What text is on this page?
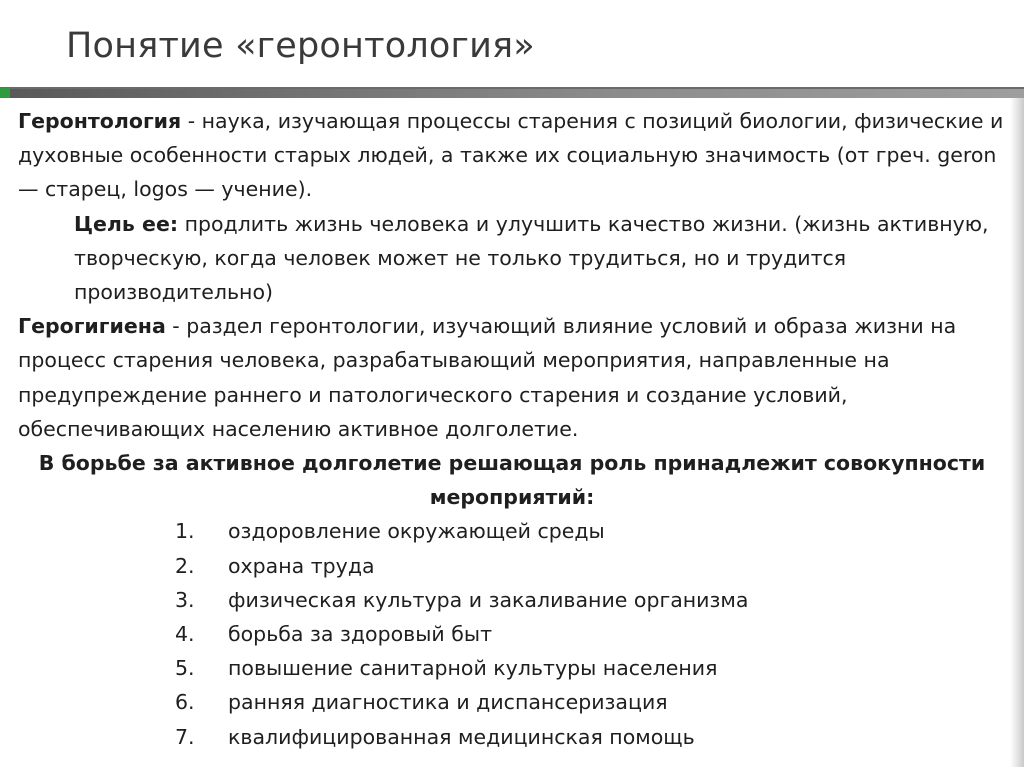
Понятие «геронтология»

Геронтология - наука, изучающая процессы старения с позиций биологии, физические и духовные особенности старых людей, а также их социальную значимость (от греч. geron — старец, logos — учение).

Цель ее: продлить жизнь человека и улучшить качество жизни. (жизнь активную, творческую, когда человек может не только трудиться, но и трудится производительно)

Герогигиена - раздел геронтологии, изучающий влияние условий и образа жизни на процесс старения человека, разрабатывающий мероприятия, направленные на предупреждение раннего и патологического старения и создание условий, обеспечивающих населению активное долголетие.

В борьбе за активное долголетие решающая роль принадлежит совокупности мероприятий:

1. оздоровление окружающей среды
2. охрана труда
3. физическая культура и закаливание организма
4. борьба за здоровый быт
5. повышение санитарной культуры населения
6. ранняя диагностика и диспансеризация
7. квалифицированная медицинская помощь
